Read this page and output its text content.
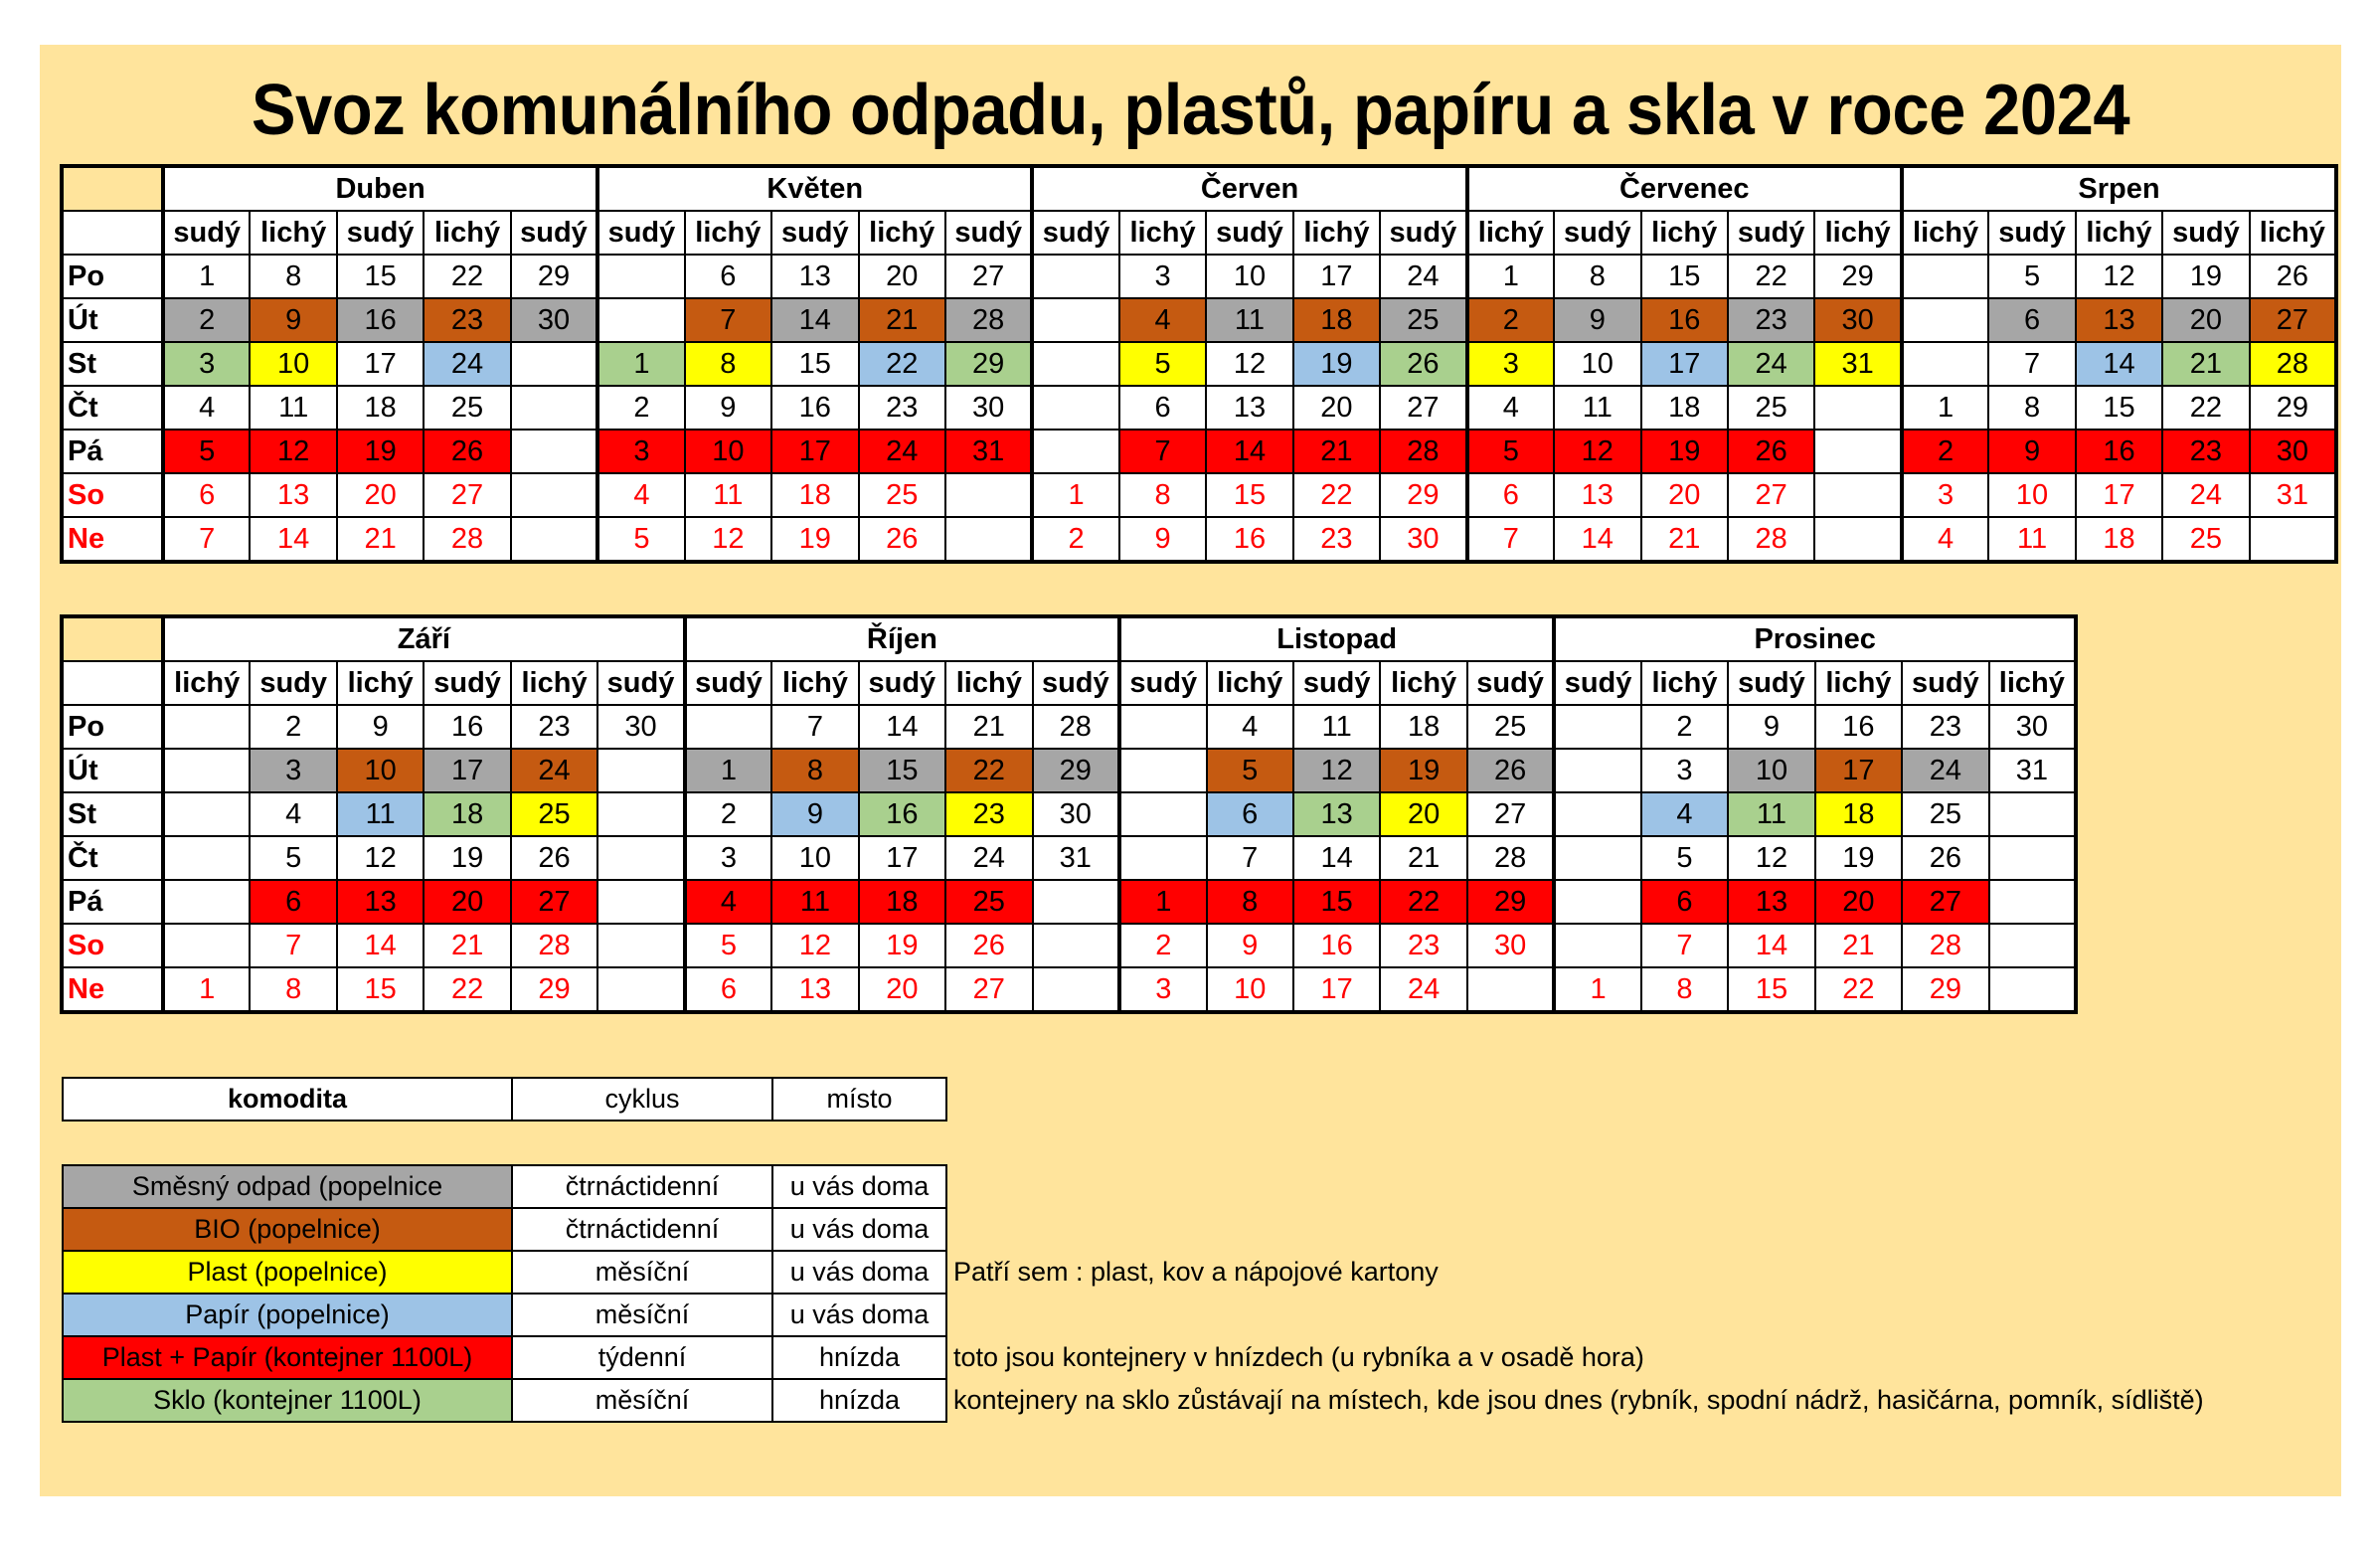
Svoz komunálního odpadu, plastů, papíru a skla v roce 2024
	Duben					Květen					Červen					Červenec					Srpen				
	sudý	lichý	sudý	lichý	sudý	sudý	lichý	sudý	lichý	sudý	sudý	lichý	sudý	lichý	sudý	lichý	sudý	lichý	sudý	lichý	lichý	sudý	lichý	sudý	lichý
Po	1	8	15	22	29		6	13	20	27		3	10	17	24	1	8	15	22	29		5	12	19	26
Út	2	9	16	23	30		7	14	21	28		4	11	18	25	2	9	16	23	30		6	13	20	27
St	3	10	17	24		1	8	15	22	29		5	12	19	26	3	10	17	24	31		7	14	21	28
Čt	4	11	18	25		2	9	16	23	30		6	13	20	27	4	11	18	25		1	8	15	22	29
Pá	5	12	19	26		3	10	17	24	31		7	14	21	28	5	12	19	26		2	9	16	23	30
So	6	13	20	27		4	11	18	25		1	8	15	22	29	6	13	20	27		3	10	17	24	31
Ne	7	14	21	28		5	12	19	26		2	9	16	23	30	7	14	21	28		4	11	18	25	
	Září						Říjen					Listopad					Prosinec					
	lichý	sudy	lichý	sudý	lichý	sudý	sudý	lichý	sudý	lichý	sudý	sudý	lichý	sudý	lichý	sudý	sudý	lichý	sudý	lichý	sudý	lichý
Po		2	9	16	23	30		7	14	21	28		4	11	18	25		2	9	16	23	30
Út		3	10	17	24		1	8	15	22	29		5	12	19	26		3	10	17	24	31
St		4	11	18	25		2	9	16	23	30		6	13	20	27		4	11	18	25	
Čt		5	12	19	26		3	10	17	24	31		7	14	21	28		5	12	19	26	
Pá		6	13	20	27		4	11	18	25		1	8	15	22	29		6	13	20	27	
So		7	14	21	28		5	12	19	26		2	9	16	23	30		7	14	21	28	
Ne	1	8	15	22	29		6	13	20	27		3	10	17	24		1	8	15	22	29	
komodita	cyklus	místo
Směsný odpad (popelnice	čtrnáctidenní	u vás doma	
BIO (popelnice)	čtrnáctidenní	u vás doma	
Plast (popelnice)	měsíční	u vás doma	Patří sem : plast, kov a nápojové kartony
Papír (popelnice)	měsíční	u vás doma	
Plast + Papír (kontejner 1100L)	týdenní	hnízda	toto jsou kontejnery v hnízdech (u rybníka a v osadě hora)
Sklo (kontejner 1100L)	měsíční	hnízda	kontejnery na sklo zůstávají na místech, kde jsou dnes (rybník, spodní nádrž, hasičárna, pomník, sídliště)
